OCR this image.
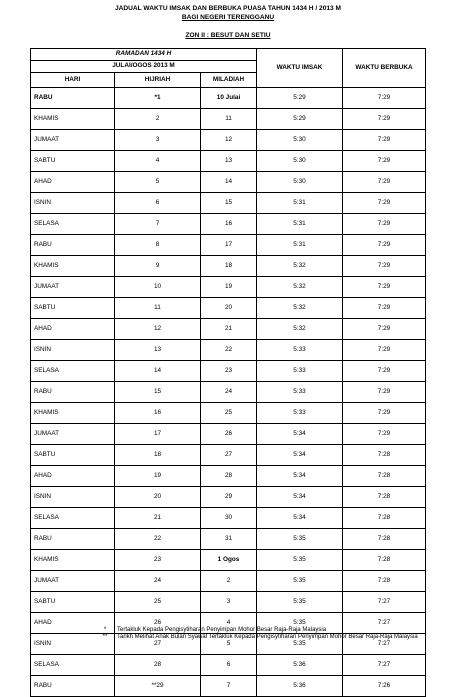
JADUAL WAKTU IMSAK DAN BERBUKA PUASA TAHUN 1434 H / 2013 M
BAGI NEGERI TERENGGANU
ZON II : BESUT DAN SETIU
RAMADAN 1434 H			WAKTU IMSAK	WAKTU BERBUKA
JULAI/OGOS 2013 M				
HARI	HIJRIAH	MILADIAH		
RABU	*1	10 Julai	5:29	7:29
KHAMIS	2	11	5:29	7:29
JUMAAT	3	12	5:30	7:29
SABTU	4	13	5:30	7:29
AHAD	5	14	5:30	7:29
ISNIN	6	15	5:31	7:29
SELASA	7	16	5:31	7:29
RABU	8	17	5:31	7:29
KHAMIS	9	18	5:32	7:29
JUMAAT	10	19	5:32	7:29
SABTU	11	20	5:32	7:29
AHAD	12	21	5:32	7:29
ISNIN	13	22	5:33	7:29
SELASA	14	23	5:33	7:29
RABU	15	24	5:33	7:29
KHAMIS	16	25	5:33	7:29
JUMAAT	17	26	5:34	7:29
SABTU	18	27	5:34	7:28
AHAD	19	28	5:34	7:28
ISNIN	20	29	5:34	7:28
SELASA	21	30	5:34	7:28
RABU	22	31	5:35	7:28
KHAMIS	23	1 Ogos	5:35	7:28
JUMAAT	24	2	5:35	7:28
SABTU	25	3	5:35	7:27
AHAD	26	4	5:35	7:27
ISNIN	27	5	5:35	7:27
SELASA	28	6	5:36	7:27
RABU	**29	7	5:36	7:26
*	Tertakluk Kepada Pengisytiharan Penyimpan Mohor Besar Raja-Raja Malaysia
**	Tarikh Melihat Anak Bulan Syawal Tertakluk Kepada Pengisytiharan Penyimpan Mohor Besar Raja-Raja Malaysia
